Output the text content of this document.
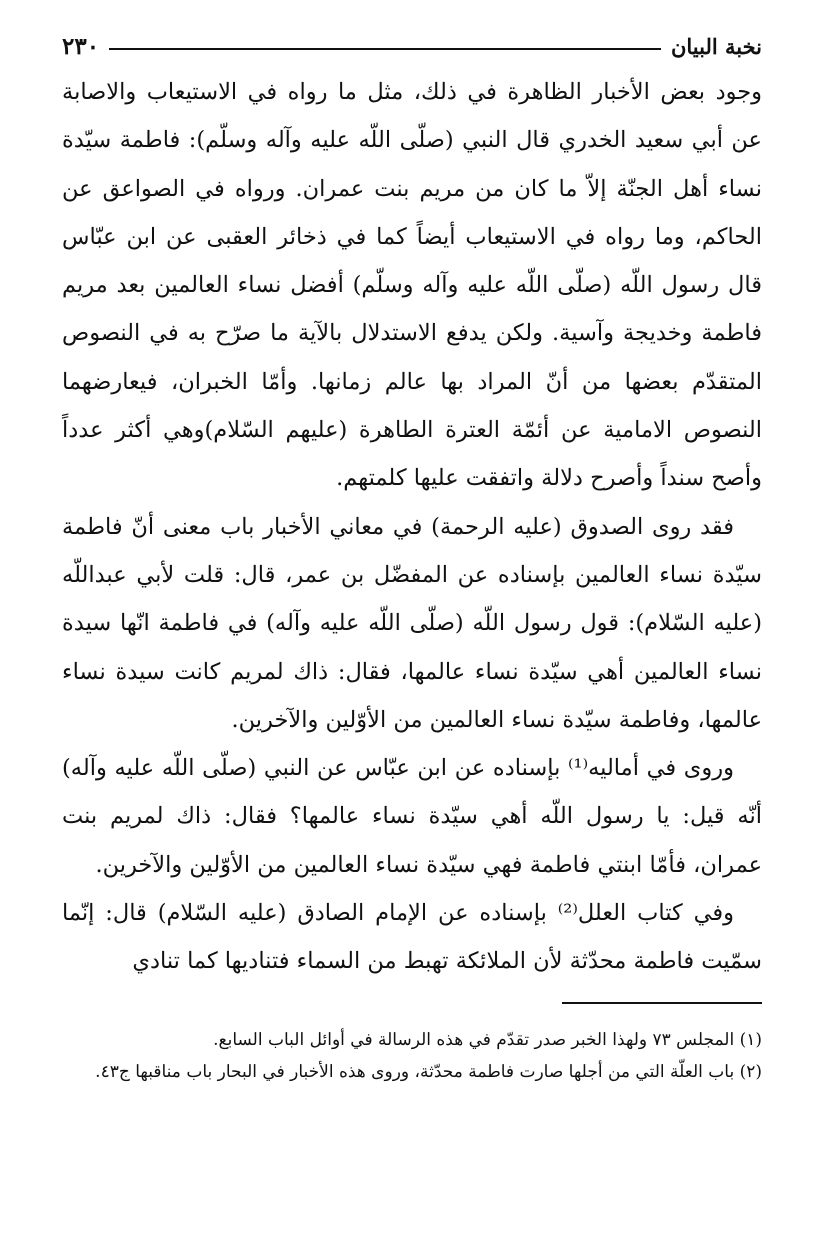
نخبة البيان
٢٣٠

وجود بعض الأخبار الظاهرة في ذلك، مثل ما رواه في الاستيعاب والاصابة عن أبي سعيد الخدري قال النبي (صلّى اللّه عليه وآله وسلّم): فاطمة سيّدة نساء أهل الجنّة إلاّ ما كان من مريم بنت عمران. ورواه في الصواعق عن الحاكم، وما رواه في الاستيعاب أيضاً كما في ذخائر العقبى عن ابن عبّاس قال رسول اللّه (صلّى اللّه عليه وآله وسلّم) أفضل نساء العالمين بعد مريم فاطمة وخديجة وآسية. ولكن يدفع الاستدلال بالآية ما صرّح به في النصوص المتقدّم بعضها من أنّ المراد بها عالم زمانها. وأمّا الخبران، فيعارضهما النصوص الامامية عن أئمّة العترة الطاهرة (عليهم السّلام)وهي أكثر عدداً وأصح سنداً وأصرح دلالة واتفقت عليها كلمتهم.

فقد روى الصدوق (عليه الرحمة) في معاني الأخبار باب معنى أنّ فاطمة سيّدة نساء العالمين بإسناده عن المفضّل بن عمر، قال: قلت لأبي عبداللّه (عليه السّلام): قول رسول اللّه (صلّى اللّه عليه وآله) في فاطمة انّها سيدة نساء العالمين أهي سيّدة نساء عالمها، فقال: ذاك لمريم كانت سيدة نساء عالمها، وفاطمة سيّدة نساء العالمين من الأوّلين والآخرين.

وروى في أماليه⁽¹⁾ بإسناده عن ابن عبّاس عن النبي (صلّى اللّه عليه وآله) أنّه قيل: يا رسول اللّه أهي سيّدة نساء عالمها؟ فقال: ذاك لمريم بنت عمران، فأمّا ابنتي فاطمة فهي سيّدة نساء العالمين من الأوّلين والآخرين.

وفي كتاب العلل⁽²⁾ بإسناده عن الإمام الصادق (عليه السّلام) قال: إنّما سمّيت فاطمة محدّثة لأن الملائكة تهبط من السماء فتناديها كما تنادي

(١) المجلس ٧٣ ولهذا الخبر صدر تقدّم في هذه الرسالة في أوائل الباب السابع.

(٢) باب العلّة التي من أجلها صارت فاطمة محدّثة، وروى هذه الأخبار في البحار باب مناقبها ج٤٣.
